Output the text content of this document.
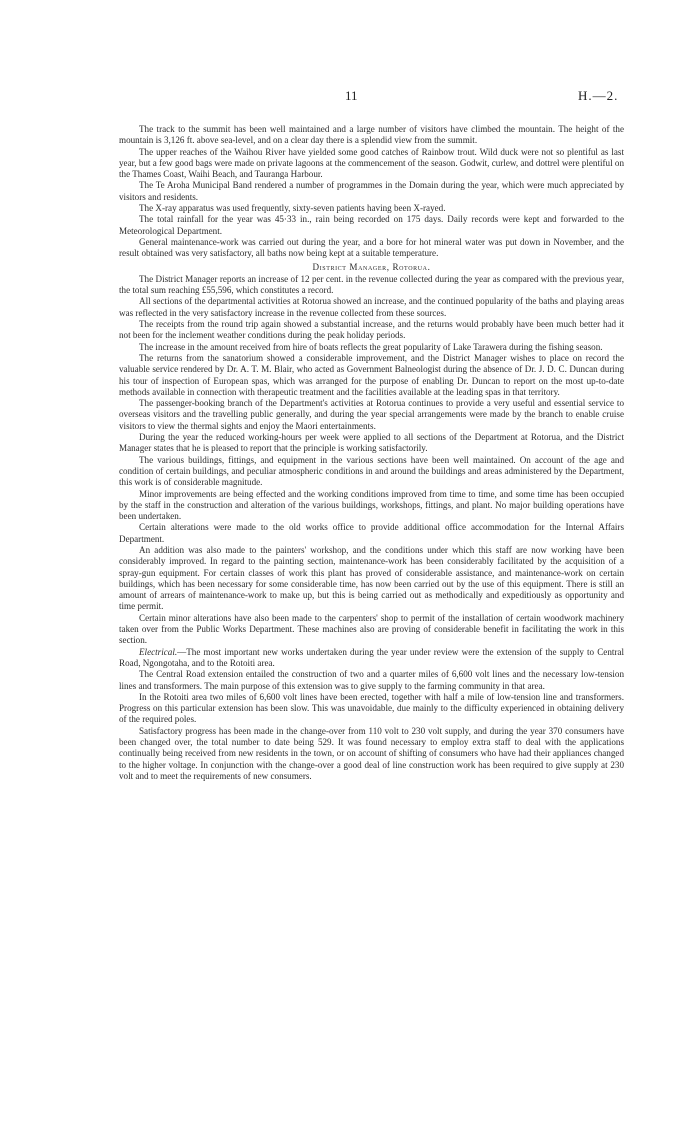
11	H.—2.

The track to the summit has been well maintained and a large number of visitors have climbed the mountain. The height of the mountain is 3,126 ft. above sea-level, and on a clear day there is a splendid view from the summit.

The upper reaches of the Waihou River have yielded some good catches of Rainbow trout. Wild duck were not so plentiful as last year, but a few good bags were made on private lagoons at the commencement of the season. Godwit, curlew, and dottrel were plentiful on the Thames Coast, Waihi Beach, and Tauranga Harbour.

The Te Aroha Municipal Band rendered a number of programmes in the Domain during the year, which were much appreciated by visitors and residents.

The X-ray apparatus was used frequently, sixty-seven patients having been X-rayed.

The total rainfall for the year was 45·33 in., rain being recorded on 175 days. Daily records were kept and forwarded to the Meteorological Department.

General maintenance-work was carried out during the year, and a bore for hot mineral water was put down in November, and the result obtained was very satisfactory, all baths now being kept at a suitable temperature.

District Manager, Rotorua.

The District Manager reports an increase of 12 per cent. in the revenue collected during the year as compared with the previous year, the total sum reaching £55,596, which constitutes a record.

All sections of the departmental activities at Rotorua showed an increase, and the continued popularity of the baths and playing areas was reflected in the very satisfactory increase in the revenue collected from these sources.

The receipts from the round trip again showed a substantial increase, and the returns would probably have been much better had it not been for the inclement weather conditions during the peak holiday periods.

The increase in the amount received from hire of boats reflects the great popularity of Lake Tarawera during the fishing season.

The returns from the sanatorium showed a considerable improvement, and the District Manager wishes to place on record the valuable service rendered by Dr. A. T. M. Blair, who acted as Government Balneologist during the absence of Dr. J. D. C. Duncan during his tour of inspection of European spas, which was arranged for the purpose of enabling Dr. Duncan to report on the most up-to-date methods available in connection with therapeutic treatment and the facilities available at the leading spas in that territory.

The passenger-booking branch of the Department's activities at Rotorua continues to provide a very useful and essential service to overseas visitors and the travelling public generally, and during the year special arrangements were made by the branch to enable cruise visitors to view the thermal sights and enjoy the Maori entertainments.

During the year the reduced working-hours per week were applied to all sections of the Department at Rotorua, and the District Manager states that he is pleased to report that the principle is working satisfactorily.

The various buildings, fittings, and equipment in the various sections have been well maintained. On account of the age and condition of certain buildings, and peculiar atmospheric conditions in and around the buildings and areas administered by the Department, this work is of considerable magnitude.

Minor improvements are being effected and the working conditions improved from time to time, and some time has been occupied by the staff in the construction and alteration of the various buildings, workshops, fittings, and plant. No major building operations have been undertaken.

Certain alterations were made to the old works office to provide additional office accommodation for the Internal Affairs Department.

An addition was also made to the painters' workshop, and the conditions under which this staff are now working have been considerably improved. In regard to the painting section, maintenance-work has been considerably facilitated by the acquisition of a spray-gun equipment. For certain classes of work this plant has proved of considerable assistance, and maintenance-work on certain buildings, which has been necessary for some considerable time, has now been carried out by the use of this equipment. There is still an amount of arrears of maintenance-work to make up, but this is being carried out as methodically and expeditiously as opportunity and time permit.

Certain minor alterations have also been made to the carpenters' shop to permit of the installation of certain woodwork machinery taken over from the Public Works Department. These machines also are proving of considerable benefit in facilitating the work in this section.

Electrical.—The most important new works undertaken during the year under review were the extension of the supply to Central Road, Ngongotaha, and to the Rotoiti area.

The Central Road extension entailed the construction of two and a quarter miles of 6,600 volt lines and the necessary low-tension lines and transformers. The main purpose of this extension was to give supply to the farming community in that area.

In the Rotoiti area two miles of 6,600 volt lines have been erected, together with half a mile of low-tension line and transformers. Progress on this particular extension has been slow. This was unavoidable, due mainly to the difficulty experienced in obtaining delivery of the required poles.

Satisfactory progress has been made in the change-over from 110 volt to 230 volt supply, and during the year 370 consumers have been changed over, the total number to date being 529. It was found necessary to employ extra staff to deal with the applications continually being received from new residents in the town, or on account of shifting of consumers who have had their appliances changed to the higher voltage. In conjunction with the change-over a good deal of line construction work has been required to give supply at 230 volt and to meet the requirements of new consumers.
